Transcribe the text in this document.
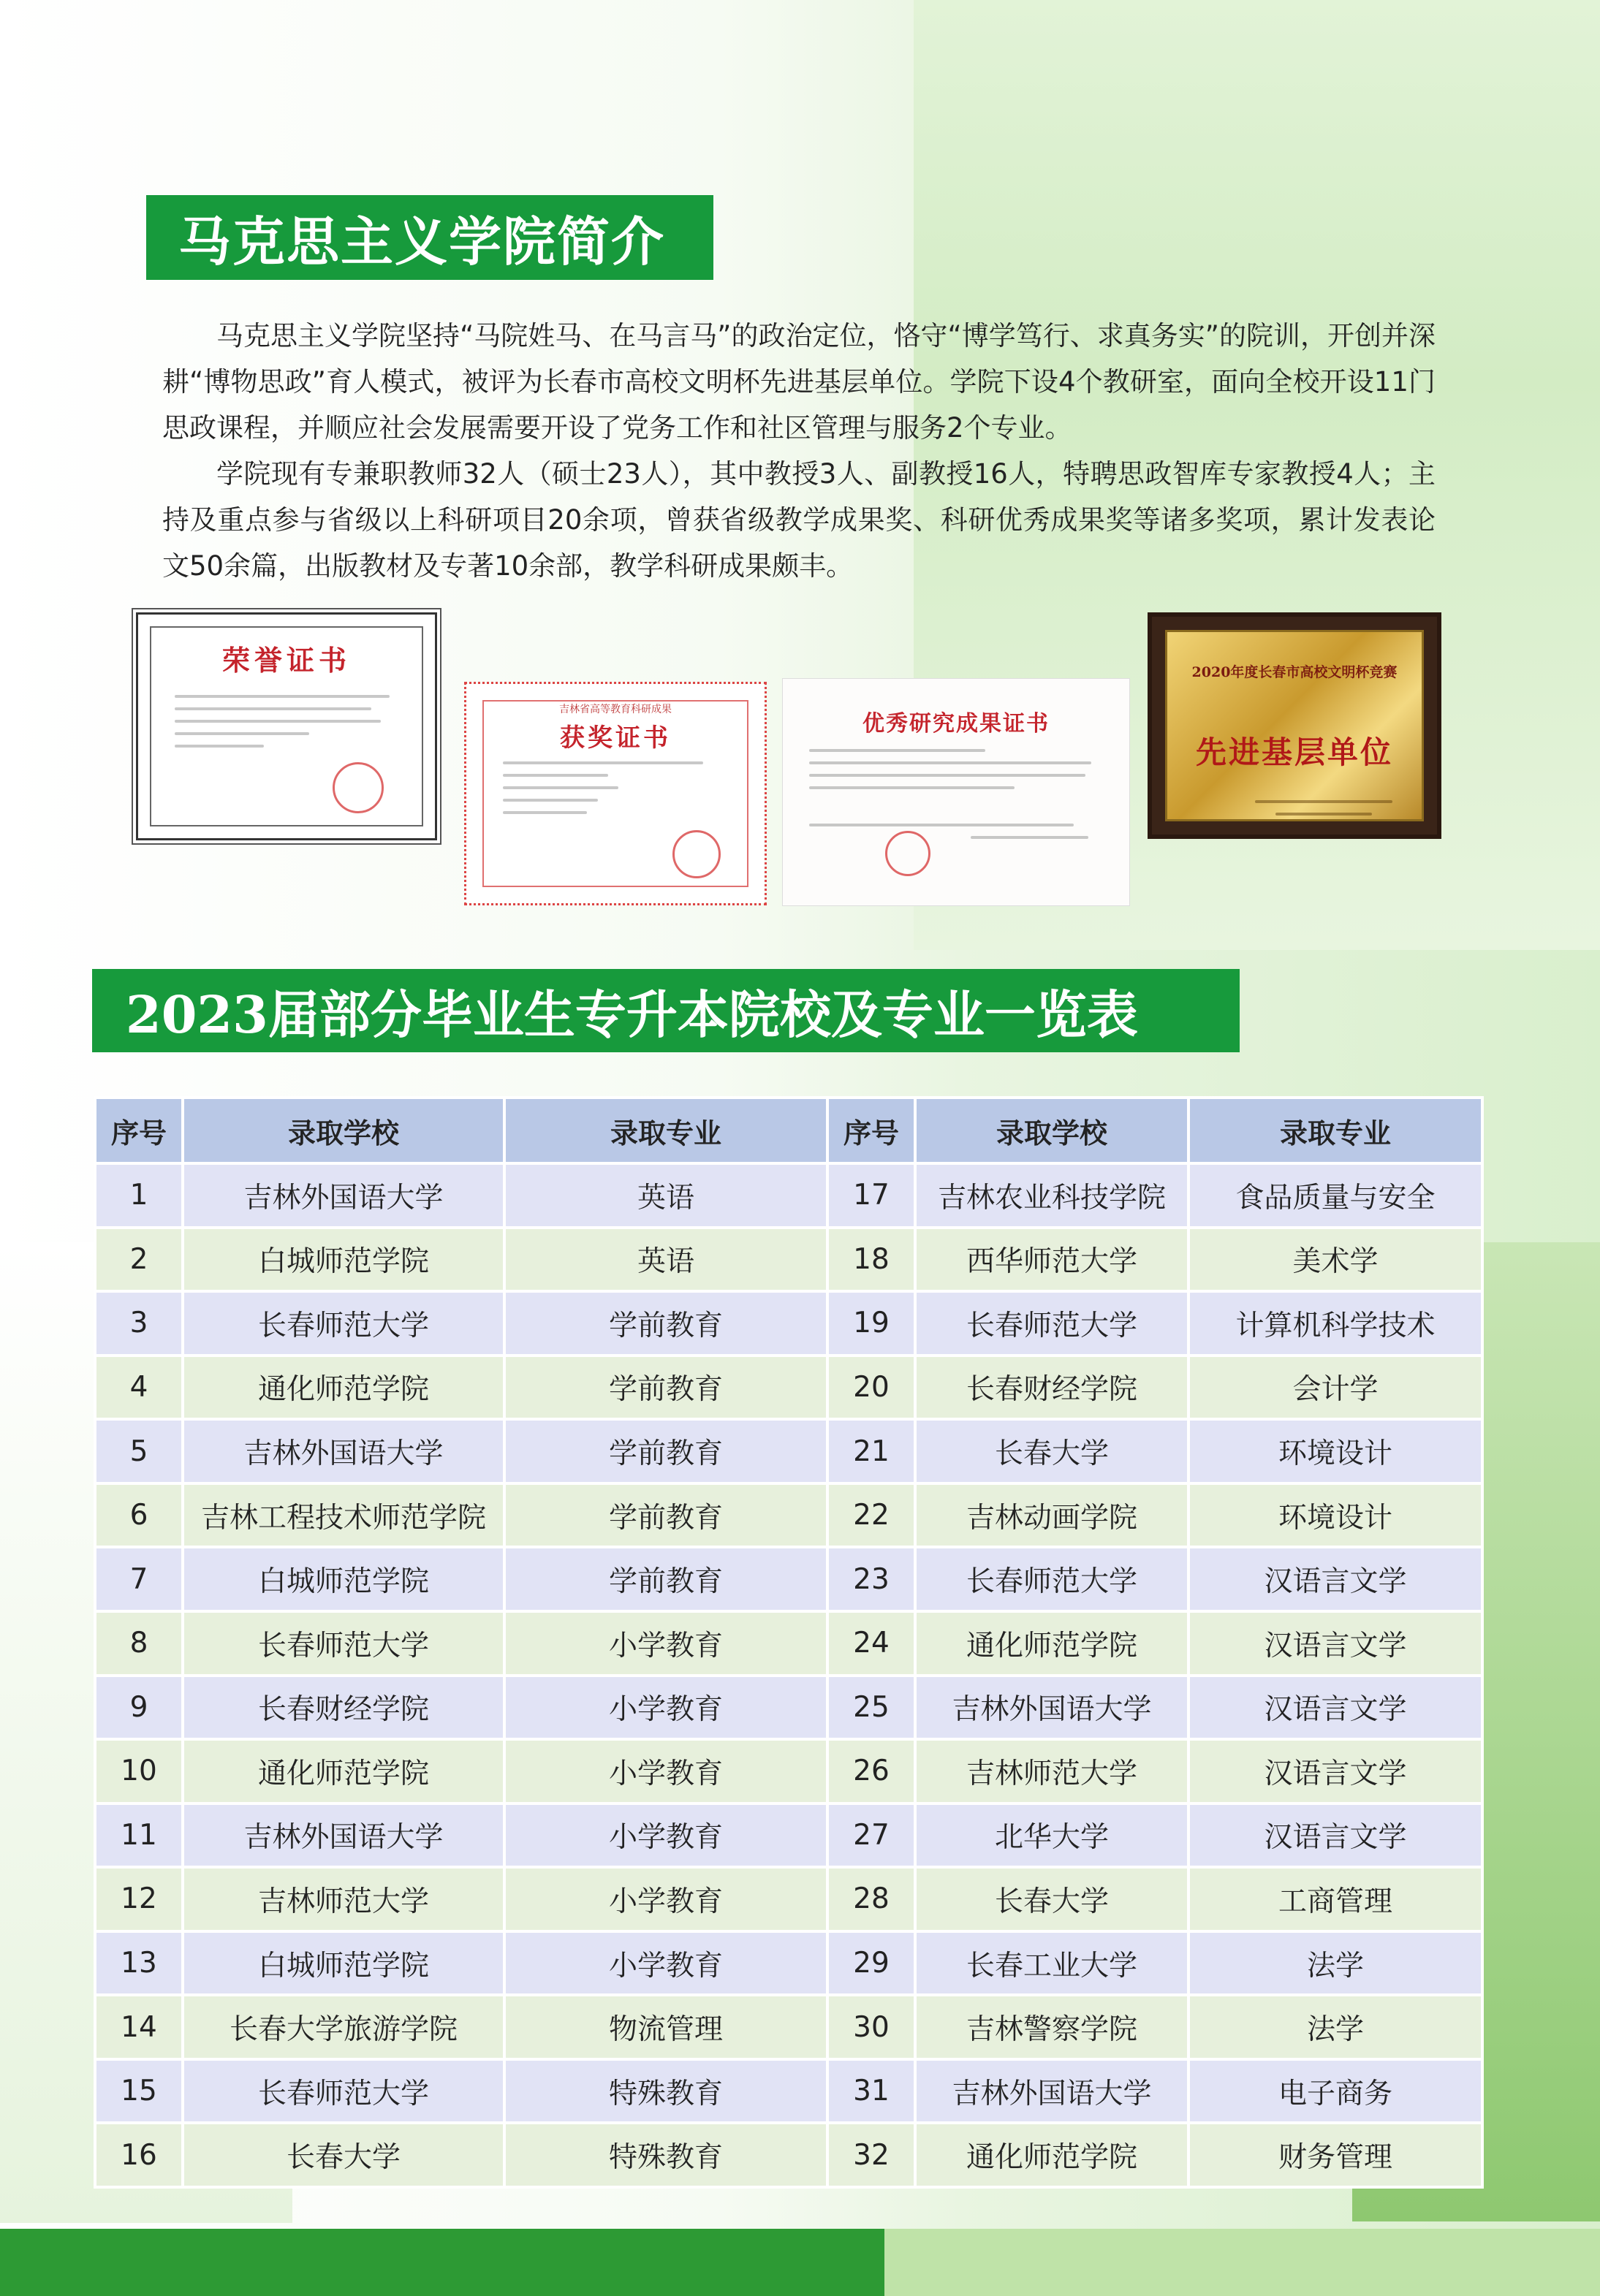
马克思主义学院简介

马克思主义学院坚持“马院姓马、在马言马”的政治定位，恪守“博学笃行、求真务实”的院训，开创并深耕“博物思政”育人模式，被评为长春市高校文明杯先进基层单位。学院下设4个教研室，面向全校开设11门思政课程，并顺应社会发展需要开设了党务工作和社区管理与服务2个专业。

学院现有专兼职教师32人（硕士23人），其中教授3人、副教授16人，特聘思政智库专家教授4人；主持及重点参与省级以上科研项目20余项，曾获省级教学成果奖、科研优秀成果奖等诸多奖项，累计发表论文50余篇，出版教材及专著10余部，教学科研成果颇丰。

荣誉证书
吉林省高等教育科研成果
获奖证书	优秀研究成果证书
2020年度长春市高校文明杯竞赛
先进基层单位
2023届部分毕业生专升本院校及专业一览表
序号	录取学校	录取专业	序号	录取学校	录取专业
1	吉林外国语大学	英语	17	吉林农业科技学院	食品质量与安全
2	白城师范学院	英语	18	西华师范大学	美术学
3	长春师范大学	学前教育	19	长春师范大学	计算机科学技术
4	通化师范学院	学前教育	20	长春财经学院	会计学
5	吉林外国语大学	学前教育	21	长春大学	环境设计
6	吉林工程技术师范学院	学前教育	22	吉林动画学院	环境设计
7	白城师范学院	学前教育	23	长春师范大学	汉语言文学
8	长春师范大学	小学教育	24	通化师范学院	汉语言文学
9	长春财经学院	小学教育	25	吉林外国语大学	汉语言文学
10	通化师范学院	小学教育	26	吉林师范大学	汉语言文学
11	吉林外国语大学	小学教育	27	北华大学	汉语言文学
12	吉林师范大学	小学教育	28	长春大学	工商管理
13	白城师范学院	小学教育	29	长春工业大学	法学
14	长春大学旅游学院	物流管理	30	吉林警察学院	法学
15	长春师范大学	特殊教育	31	吉林外国语大学	电子商务
16	长春大学	特殊教育	32	通化师范学院	财务管理
